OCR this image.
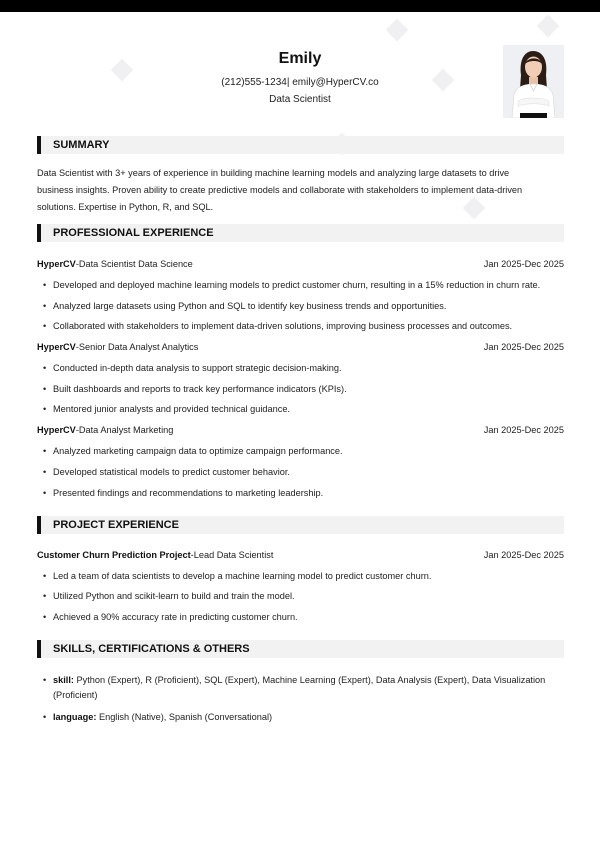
Emily
(212)555-1234| emily@HyperCV.co
Data Scientist
SUMMARY
Data Scientist with 3+ years of experience in building machine learning models and analyzing large datasets to drive
business insights. Proven ability to create predictive models and collaborate with stakeholders to implement data-driven
solutions. Expertise in Python, R, and SQL.
PROFESSIONAL EXPERIENCE
HyperCV-Data Scientist Data Science	Jan 2025-Dec 2025
• Developed and deployed machine learning models to predict customer churn, resulting in a 15% reduction in churn rate.
• Analyzed large datasets using Python and SQL to identify key business trends and opportunities.
• Collaborated with stakeholders to implement data-driven solutions, improving business processes and outcomes.
HyperCV-Senior Data Analyst Analytics	Jan 2025-Dec 2025
• Conducted in-depth data analysis to support strategic decision-making.
• Built dashboards and reports to track key performance indicators (KPIs).
• Mentored junior analysts and provided technical guidance.
HyperCV-Data Analyst Marketing	Jan 2025-Dec 2025
• Analyzed marketing campaign data to optimize campaign performance.
• Developed statistical models to predict customer behavior.
• Presented findings and recommendations to marketing leadership.
PROJECT EXPERIENCE
Customer Churn Prediction Project-Lead Data Scientist	Jan 2025-Dec 2025
• Led a team of data scientists to develop a machine learning model to predict customer churn.
• Utilized Python and scikit-learn to build and train the model.
• Achieved a 90% accuracy rate in predicting customer churn.
SKILLS, CERTIFICATIONS & OTHERS
• skill: Python (Expert), R (Proficient), SQL (Expert), Machine Learning (Expert), Data Analysis (Expert), Data Visualization
(Proficient)
• language: English (Native), Spanish (Conversational)
